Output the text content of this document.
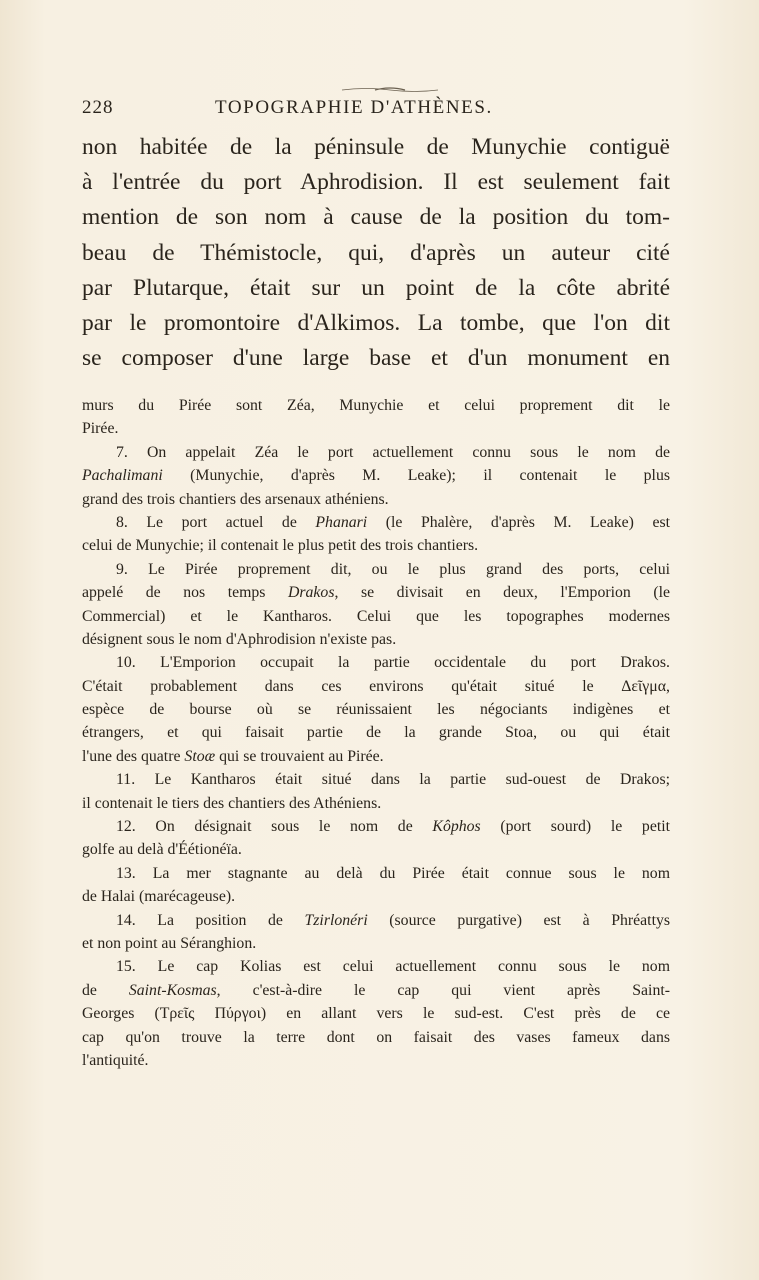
228	TOPOGRAPHIE D'ATHÈNES.
non habitée de la péninsule de Munychie contiguë
à l'entrée du port Aphrodision. Il est seulement fait
mention de son nom à cause de la position du tom-
beau de Thémistocle, qui, d'après un auteur cité
par Plutarque, était sur un point de la côte abrité
par le promontoire d'Alkimos. La tombe, que l'on dit
se composer d'une large base et d'un monument en
murs du Pirée sont Zéa, Munychie et celui proprement dit le
Pirée.
7. On appelait Zéa le port actuellement connu sous le nom de
Pachalimani (Munychie, d'après M. Leake); il contenait le plus
grand des trois chantiers des arsenaux athéniens.
8. Le port actuel de Phanari (le Phalère, d'après M. Leake) est
celui de Munychie; il contenait le plus petit des trois chantiers.
9. Le Pirée proprement dit, ou le plus grand des ports, celui
appelé de nos temps Drakos, se divisait en deux, l'Emporion (le
Commercial) et le Kantharos. Celui que les topographes modernes
désignent sous le nom d'Aphrodision n'existe pas.
10. L'Emporion occupait la partie occidentale du port Drakos.
C'était probablement dans ces environs qu'était situé le Δεῖγμα,
espèce de bourse où se réunissaient les négociants indigènes et
étrangers, et qui faisait partie de la grande Stoa, ou qui était
l'une des quatre Stoæ qui se trouvaient au Pirée.
11. Le Kantharos était situé dans la partie sud-ouest de Drakos;
il contenait le tiers des chantiers des Athéniens.
12. On désignait sous le nom de Kôphos (port sourd) le petit
golfe au delà d'Éétionéïa.
13. La mer stagnante au delà du Pirée était connue sous le nom
de Halai (marécageuse).
14. La position de Tzirlonéri (source purgative) est à Phréattys
et non point au Séranghion.
15. Le cap Kolias est celui actuellement connu sous le nom
de Saint-Kosmas, c'est-à-dire le cap qui vient après Saint-
Georges (Τρεῖς Πύργοι) en allant vers le sud-est. C'est près de ce
cap qu'on trouve la terre dont on faisait des vases fameux dans
l'antiquité.
